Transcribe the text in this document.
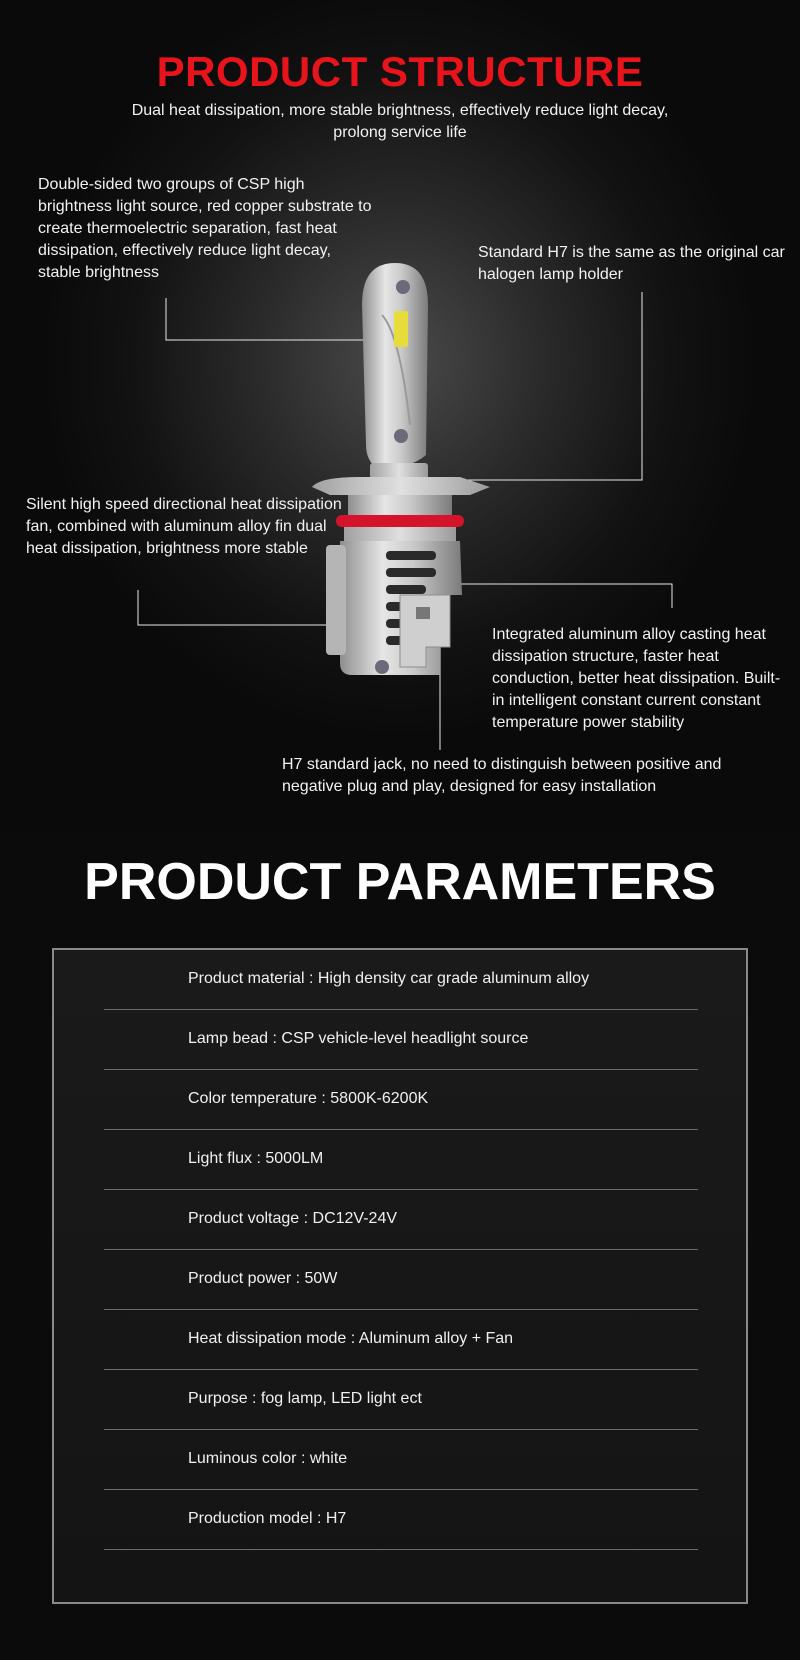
PRODUCT STRUCTURE
Dual heat dissipation, more stable brightness, effectively reduce light decay, prolong service life
Double-sided two groups of CSP high brightness light source, red copper substrate to create thermoelectric separation, fast heat dissipation, effectively reduce light decay, stable brightness
Standard H7 is the same as the original car halogen lamp holder
Silent high speed directional heat dissipation fan, combined with aluminum alloy fin dual heat dissipation, brightness more stable
Integrated aluminum alloy casting heat dissipation structure, faster heat conduction, better heat dissipation. Built-in intelligent constant current constant temperature power stability
H7 standard jack, no need to distinguish between positive and negative plug and play, designed for easy installation
PRODUCT PARAMETERS
Product material : High density car grade aluminum alloy
Lamp bead : CSP vehicle-level headlight source
Color temperature : 5800K-6200K
Light flux : 5000LM
Product voltage : DC12V-24V
Product power : 50W
Heat dissipation mode : Aluminum alloy + Fan
Purpose : fog lamp, LED light ect
Luminous color : white
Production model : H7
